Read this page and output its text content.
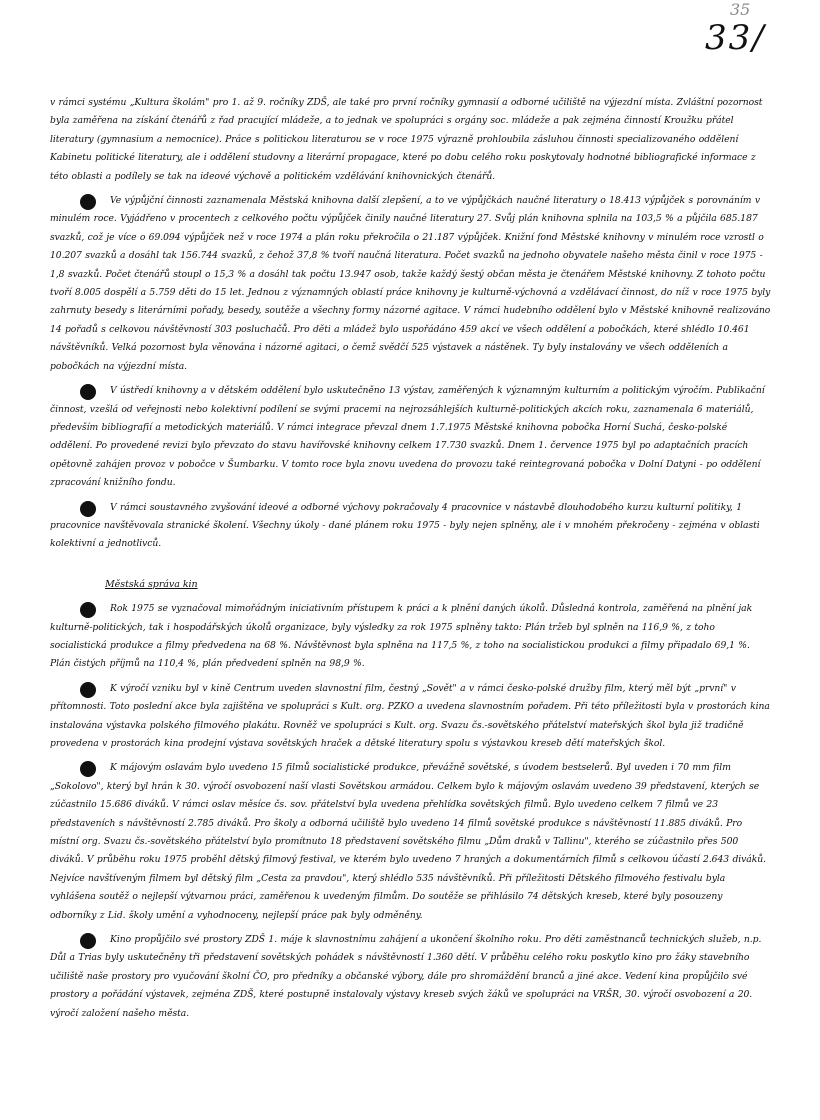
35
33/

v rámci systému „Kultura školám" pro 1. až 9. ročníky ZDŠ, ale také pro první ročníky gymnasií a odborné učiliště na výjezdní místa. Zvláštní pozornost byla zaměřena na získání čtenářů z řad pracující mládeže, a to jednak ve spolupráci s orgány soc. mládeže a pak zejména činností Kroužku přátel literatury (gymnasium a nemocnice). Práce s politickou literaturou se v roce 1975 výrazně prohloubila zásluhou činnosti specializovaného oddělení Kabinetu politické literatury, ale i oddělení studovny a literární propagace, které po dobu celého roku poskytovaly hodnotné bibliografické informace z této oblasti a podílely se tak na ideové výchově a politickém vzdělávání knihovnických čtenářů.

Ve výpůjční činnosti zaznamenala Městská knihovna další zlepšení, a to ve výpůjčkách naučné literatury o 18.413 výpůjček s porovnáním v minulém roce. Vyjádřeno v procentech z celkového počtu výpůjček činily naučné literatury 27. Svůj plán knihovna splnila na 103,5 % a půjčila 685.187 svazků, což je více o 69.094 výpůjček než v roce 1974 a plán roku překročila o 21.187 výpůjček. Knižní fond Městské knihovny v minulém roce vzrostl o 10.207 svazků a dosáhl tak 156.744 svazků, z čehož 37,8 % tvoří naučná literatura. Počet svazků na jednoho obyvatele našeho města činil v roce 1975 - 1,8 svazků. Počet čtenářů stoupl o 15,3 % a dosáhl tak počtu 13.947 osob, takže každý šestý občan města je čtenářem Městské knihovny. Z tohoto počtu tvoří 8.005 dospělí a 5.759 děti do 15 let. Jednou z významných oblastí práce knihovny je kulturně-výchovná a vzdělávací činnost, do níž v roce 1975 byly zahrnuty besedy s literárními pořady, besedy, soutěže a všechny formy názorné agitace. V rámci hudebního oddělení bylo v Městské knihovně realizováno 14 pořadů s celkovou návštěvností 303 posluchačů. Pro děti a mládež bylo uspořádáno 459 akcí ve všech oddělení a pobočkách, které shlédlo 10.461 návštěvníků. Velká pozornost byla věnována i názorné agitaci, o čemž svědčí 525 výstavek a nástěnek. Ty byly instalovány ve všech odděleních a pobočkách na výjezdní místa.

V ústředí knihovny a v dětském oddělení bylo uskutečněno 13 výstav, zaměřených k významným kulturním a politickým výročím. Publikační činnost, vzešlá od veřejnosti nebo kolektivní podílení se svými pracemi na nejrozsáhlejších kulturně-politických akcích roku, zaznamenala 6 materiálů, především bibliografií a metodických materiálů. V rámci integrace převzal dnem 1.7.1975 Městské knihovna pobočka Horní Suchá, česko-polské oddělení. Po provedené revizi bylo převzato do stavu havířovské knihovny celkem 17.730 svazků. Dnem 1. července 1975 byl po adaptačních pracích opětovně zahájen provoz v pobočce v Šumbarku. V tomto roce byla znovu uvedena do provozu také reintegrovaná pobočka v Dolní Datyni - po oddělení zpracování knižního fondu.

V rámci soustavného zvyšování ideové a odborné výchovy pokračovaly 4 pracovnice v nástavbě dlouhodobého kurzu kulturní politiky, 1 pracovnice navštěvovala stranické školení. Všechny úkoly - dané plánem roku 1975 - byly nejen splněny, ale i v mnohém překročeny - zejména v oblasti kolektivní a jednotlivců.

Městská správa kin

Rok 1975 se vyznačoval mimořádným iniciativním přístupem k práci a k plnění daných úkolů. Důsledná kontrola, zaměřená na plnění jak kulturně-politických, tak i hospodářských úkolů organizace, byly výsledky za rok 1975 splněny takto: Plán tržeb byl splněn na 116,9 %, z toho socialistická produkce a filmy předvedena na 68 %. Návštěvnost byla splněna na 117,5 %, z toho na socialistickou produkci a filmy připadalo 69,1 %. Plán čistých příjmů na 110,4 %, plán předvedení splněn na 98,9 %.

K výročí vzniku byl v kině Centrum uveden slavnostní film, čestný „Sovět" a v rámci česko-polské družby film, který měl být „první" v přítomnosti. Toto poslední akce byla zajištěna ve spolupráci s Kult. org. PZKO a uvedena slavnostním pořadem. Při této příležitosti byla v prostorách kina instalována výstavka polského filmového plakátu. Rovněž ve spolupráci s Kult. org. Svazu čs.-sovětského přátelství mateřských škol byla již tradičně provedena v prostorách kina prodejní výstava sovětských hraček a dětské literatury spolu s výstavkou kreseb dětí mateřských škol.

K májovým oslavám bylo uvedeno 15 filmů socialistické produkce, převážně sovětské, s úvodem bestselerů. Byl uveden i 70 mm film „Sokolovo", který byl hrán k 30. výročí osvobození naší vlasti Sovětskou armádou. Celkem bylo k májovým oslavám uvedeno 39 představení, kterých se zúčastnilo 15.686 diváků. V rámci oslav měsíce čs. sov. přátelství byla uvedena přehlídka sovětských filmů. Bylo uvedeno celkem 7 filmů ve 23 představeních s návštěvností 2.785 diváků. Pro školy a odborná učiliště bylo uvedeno 14 filmů sovětské produkce s návštěvností 11.885 diváků. Pro místní org. Svazu čs.-sovětského přátelství bylo promítnuto 18 představení sovětského filmu „Dům draků v Tallinu", kterého se zúčastnilo přes 500 diváků. V průběhu roku 1975 proběhl dětský filmový festival, ve kterém bylo uvedeno 7 hraných a dokumentárních filmů s celkovou účastí 2.643 diváků. Nejvíce navštíveným filmem byl dětský film „Cesta za pravdou", který shlédlo 535 návštěvníků. Při příležitosti Dětského filmového festivalu byla vyhlášena soutěž o nejlepší výtvarnou práci, zaměřenou k uvedeným filmům. Do soutěže se přihlásilo 74 dětských kreseb, které byly posouzeny odborníky z Lid. školy umění a vyhodnoceny, nejlepší práce pak byly odměněny.

Kino propůjčilo své prostory ZDŠ 1. máje k slavnostnímu zahájení a ukončení školního roku. Pro děti zaměstnanců technických služeb, n.p. Důl a Trias byly uskutečněny tři představení sovětských pohádek s návštěvností 1.360 dětí. V průběhu celého roku poskytlo kino pro žáky stavebního učiliště naše prostory pro vyučování školní ČO, pro předníky a občanské výbory, dále pro shromáždění branců a jiné akce. Vedení kina propůjčilo své prostory a pořádání výstavek, zejména ZDŠ, které postupně instalovaly výstavy kreseb svých žáků ve spolupráci na VRŠR, 30. výročí osvobození a 20. výročí založení našeho města.
